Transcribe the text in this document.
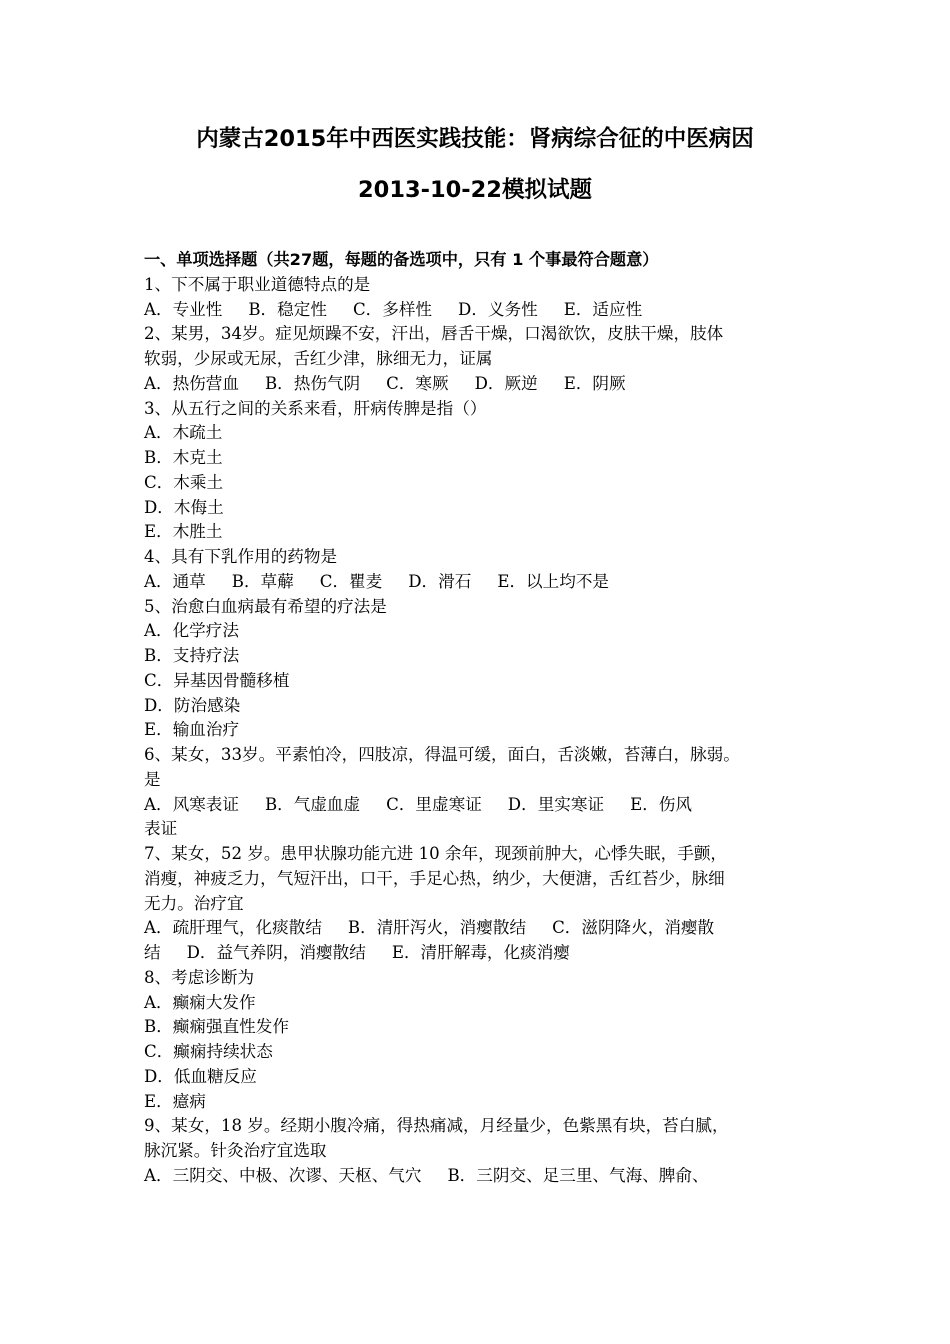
内蒙古2015年中西医实践技能：肾病综合征的中医病因
2013-10-22模拟试题
一、单项选择题（共27题，每题的备选项中，只有 1 个事最符合题意）
1、下不属于职业道德特点的是
A．专业性 B．稳定性 C．多样性 D．义务性 E．适应性
2、某男，34岁。症见烦躁不安，汗出，唇舌干燥，口渴欲饮，皮肤干燥，肢体
软弱，少尿或无尿，舌红少津，脉细无力，证属
A．热伤营血 B．热伤气阴 C．寒厥 D．厥逆 E．阴厥
3、从五行之间的关系来看，肝病传脾是指（）
A．木疏土
B．木克土
C．木乘土
D．木侮土
E．木胜土
4、具有下乳作用的药物是
A．通草 B．草薢 C．瞿麦 D．滑石 E．以上均不是
5、治愈白血病最有希望的疗法是
A．化学疗法
B．支持疗法
C．异基因骨髓移植
D．防治感染
E．输血治疗
6、某女，33岁。平素怕冷，四肢凉，得温可缓，面白，舌淡嫩，苔薄白，脉弱。
是
A．风寒表证 B．气虚血虚 C．里虚寒证 D．里实寒证 E．伤风
表证
7、某女，52 岁。患甲状腺功能亢进 10 余年，现颈前肿大，心悸失眠，手颤，
消瘦，神疲乏力，气短汗出，口干，手足心热，纳少，大便溏，舌红苔少，脉细
无力。治疗宜
A．疏肝理气，化痰散结 B．清肝泻火，消瘿散结 C．滋阴降火，消瘿散
结 D．益气养阴，消瘿散结 E．清肝解毒，化痰消瘿
8、考虑诊断为
A．癫痫大发作
B．癫痫强直性发作
C．癫痫持续状态
D．低血糖反应
E．癔病
9、某女，18 岁。经期小腹冷痛，得热痛减，月经量少，色紫黑有块，苔白腻，
脉沉紧。针灸治疗宜选取
A．三阴交、中极、次谬、天枢、气穴 B．三阴交、足三里、气海、脾俞、
